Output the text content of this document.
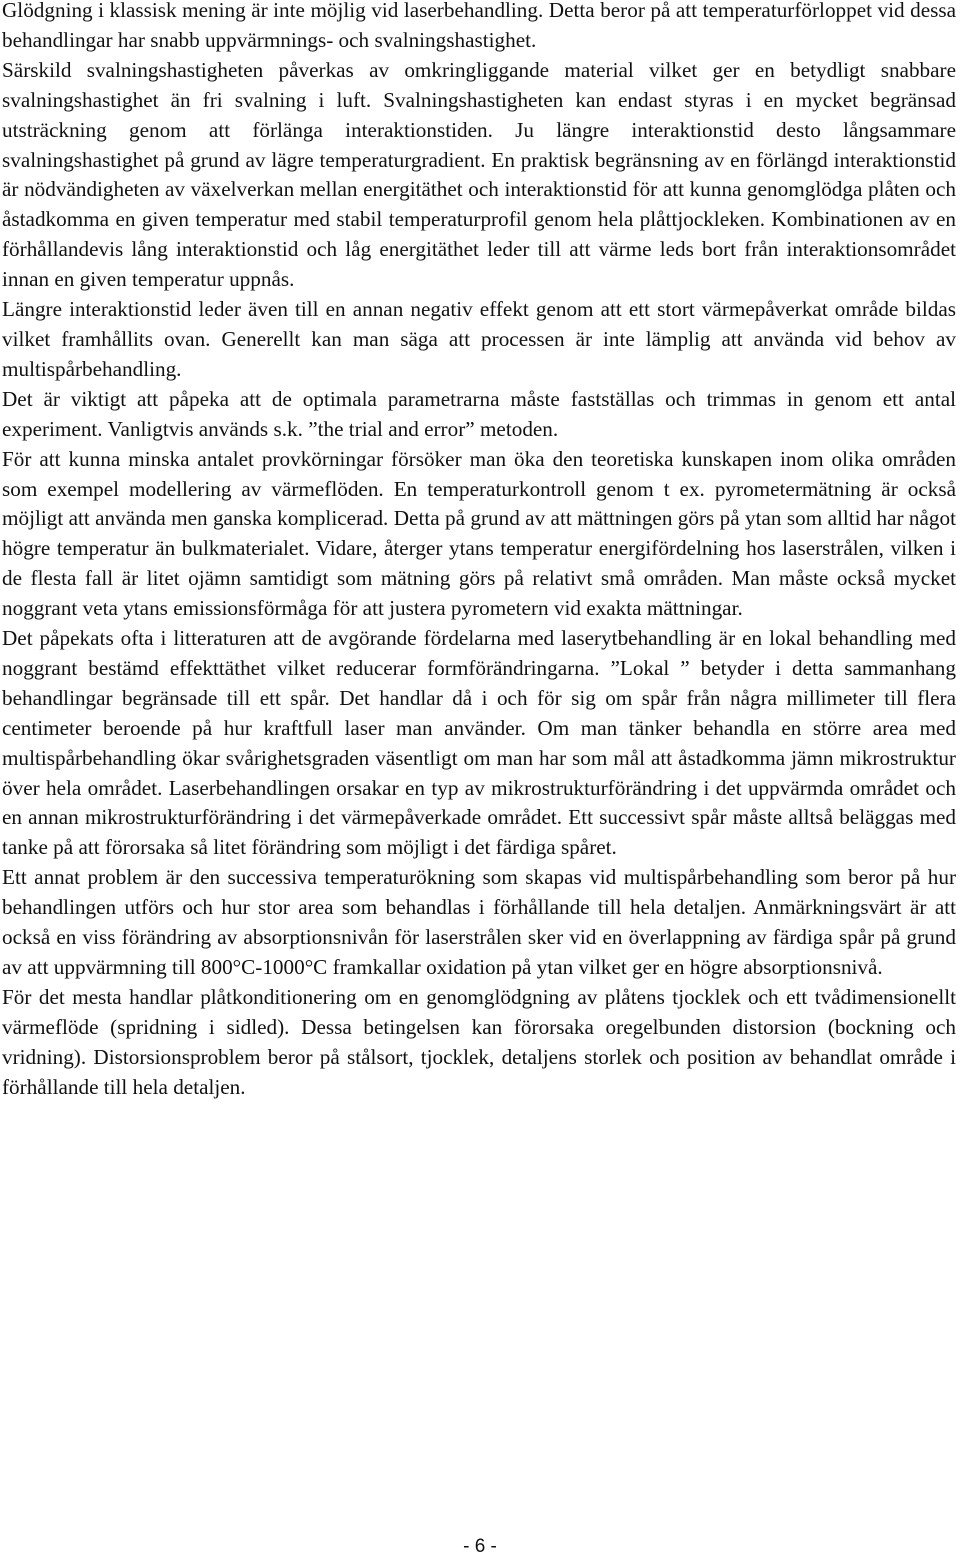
Glödgning i klassisk mening är inte möjlig vid laserbehandling. Detta beror på att temperaturförloppet vid dessa behandlingar har snabb uppvärmnings- och svalningshastighet.

Särskild svalningshastigheten påverkas av omkringliggande material vilket ger en betydligt snabbare svalningshastighet än fri svalning i luft. Svalningshastigheten kan endast styras i en mycket begränsad utsträckning genom att förlänga interaktionstiden. Ju längre interaktionstid desto långsammare svalningshastighet på grund av lägre temperaturgradient. En praktisk begränsning av en förlängd interaktionstid är nödvändigheten av växelverkan mellan energitäthet och interaktionstid för att kunna genomglödga plåten och åstadkomma en given temperatur med stabil temperaturprofil genom hela plåttjockleken. Kombinationen av en förhållandevis lång interaktionstid och låg energitäthet leder till att värme leds bort från interaktionsområdet innan en given temperatur uppnås.

Längre interaktionstid leder även till en annan negativ effekt genom att ett stort värmepåverkat område bildas vilket framhållits ovan. Generellt kan man säga att processen är inte lämplig att använda vid behov av multispårbehandling.

Det är viktigt att påpeka att de optimala parametrarna måste fastställas och trimmas in genom ett antal experiment. Vanligtvis används s.k. ”the trial and error” metoden.

För att kunna minska antalet provkörningar försöker man öka den teoretiska kunskapen inom olika områden som exempel modellering av värmeflöden. En temperaturkontroll genom t ex. pyrometermätning är också möjligt att använda men ganska komplicerad. Detta på grund av att mättningen görs på ytan som alltid har något högre temperatur än bulkmaterialet. Vidare, återger ytans temperatur energifördelning hos laserstrålen, vilken i de flesta fall är litet ojämn samtidigt som mätning görs på relativt små områden. Man måste också mycket noggrant veta ytans emissionsförmåga för att justera pyrometern vid exakta mättningar.

Det påpekats ofta i litteraturen att de avgörande fördelarna med laserytbehandling är en lokal behandling med noggrant bestämd effekttäthet vilket reducerar formförändringarna. ”Lokal ” betyder i detta sammanhang behandlingar begränsade till ett spår. Det handlar då i och för sig om spår från några millimeter till flera centimeter beroende på hur kraftfull laser man använder. Om man tänker behandla en större area med multispårbehandling ökar svårighetsgraden väsentligt om man har som mål att åstadkomma jämn mikrostruktur över hela området. Laserbehandlingen orsakar en typ av mikrostrukturförändring i det uppvärmda området och en annan mikrostrukturförändring i det värmepåverkade området. Ett successivt spår måste alltså beläggas med tanke på att förorsaka så litet förändring som möjligt i det färdiga spåret.

Ett annat problem är den successiva temperaturökning som skapas vid multispårbehandling som beror på hur behandlingen utförs och hur stor area som behandlas i förhållande till hela detaljen. Anmärkningsvärt är att också en viss förändring av absorptionsnivån för laserstrålen sker vid en överlappning av färdiga spår på grund av att uppvärmning till 800°C-1000°C framkallar oxidation på ytan vilket ger en högre absorptionsnivå.

För det mesta handlar plåtkonditionering om en genomglödgning av plåtens tjocklek och ett tvådimensionellt värmeflöde (spridning i sidled). Dessa betingelsen kan förorsaka oregelbunden distorsion (bockning och vridning). Distorsionsproblem beror på stålsort, tjocklek, detaljens storlek och position av behandlat område i förhållande till hela detaljen.

- 6 -
